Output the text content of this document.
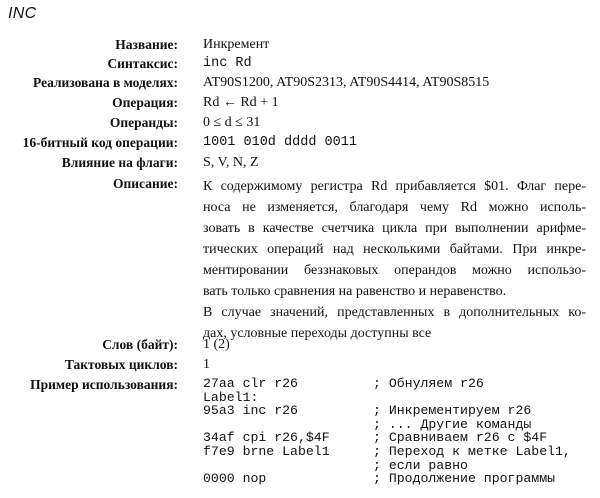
INC
Название: Инкремент
Синтаксис: inc Rd
Реализована в моделях: AT90S1200, AT90S2313, AT90S4414, AT90S8515
Операция: Rd ← Rd + 1
Операнды: 0 ≤ d ≤ 31
16-битный код операции: 1001 010d dddd 0011
Влияние на флаги: S, V, N, Z
Описание: К содержимому регистра Rd прибавляется $01. Флаг пере-
носа не изменяется, благодаря чему Rd можно исполь-
зовать в качестве счетчика цикла при выполнении арифме-
тических операций над несколькими байтами. При инкре-
ментировании беззнаковых операндов можно использо-
вать только сравнения на равенство и неравенство.
В случае значений, представленных в дополнительных ко-
дах, условные переходы доступны все
Слов (байт): 1 (2)
Тактовых циклов: 1
Пример использования: 27aa clr r26	; Обнуляем r26
Label1:
95a3 inc r26	; Инкрементируем r26
; ... Другие команды
34af cpi r26,$4F	; Сравниваем r26 с $4F
f7e9 brne Label1	; Переход к метке Label1,
; если равно
0000 nop	; Продолжение программы
